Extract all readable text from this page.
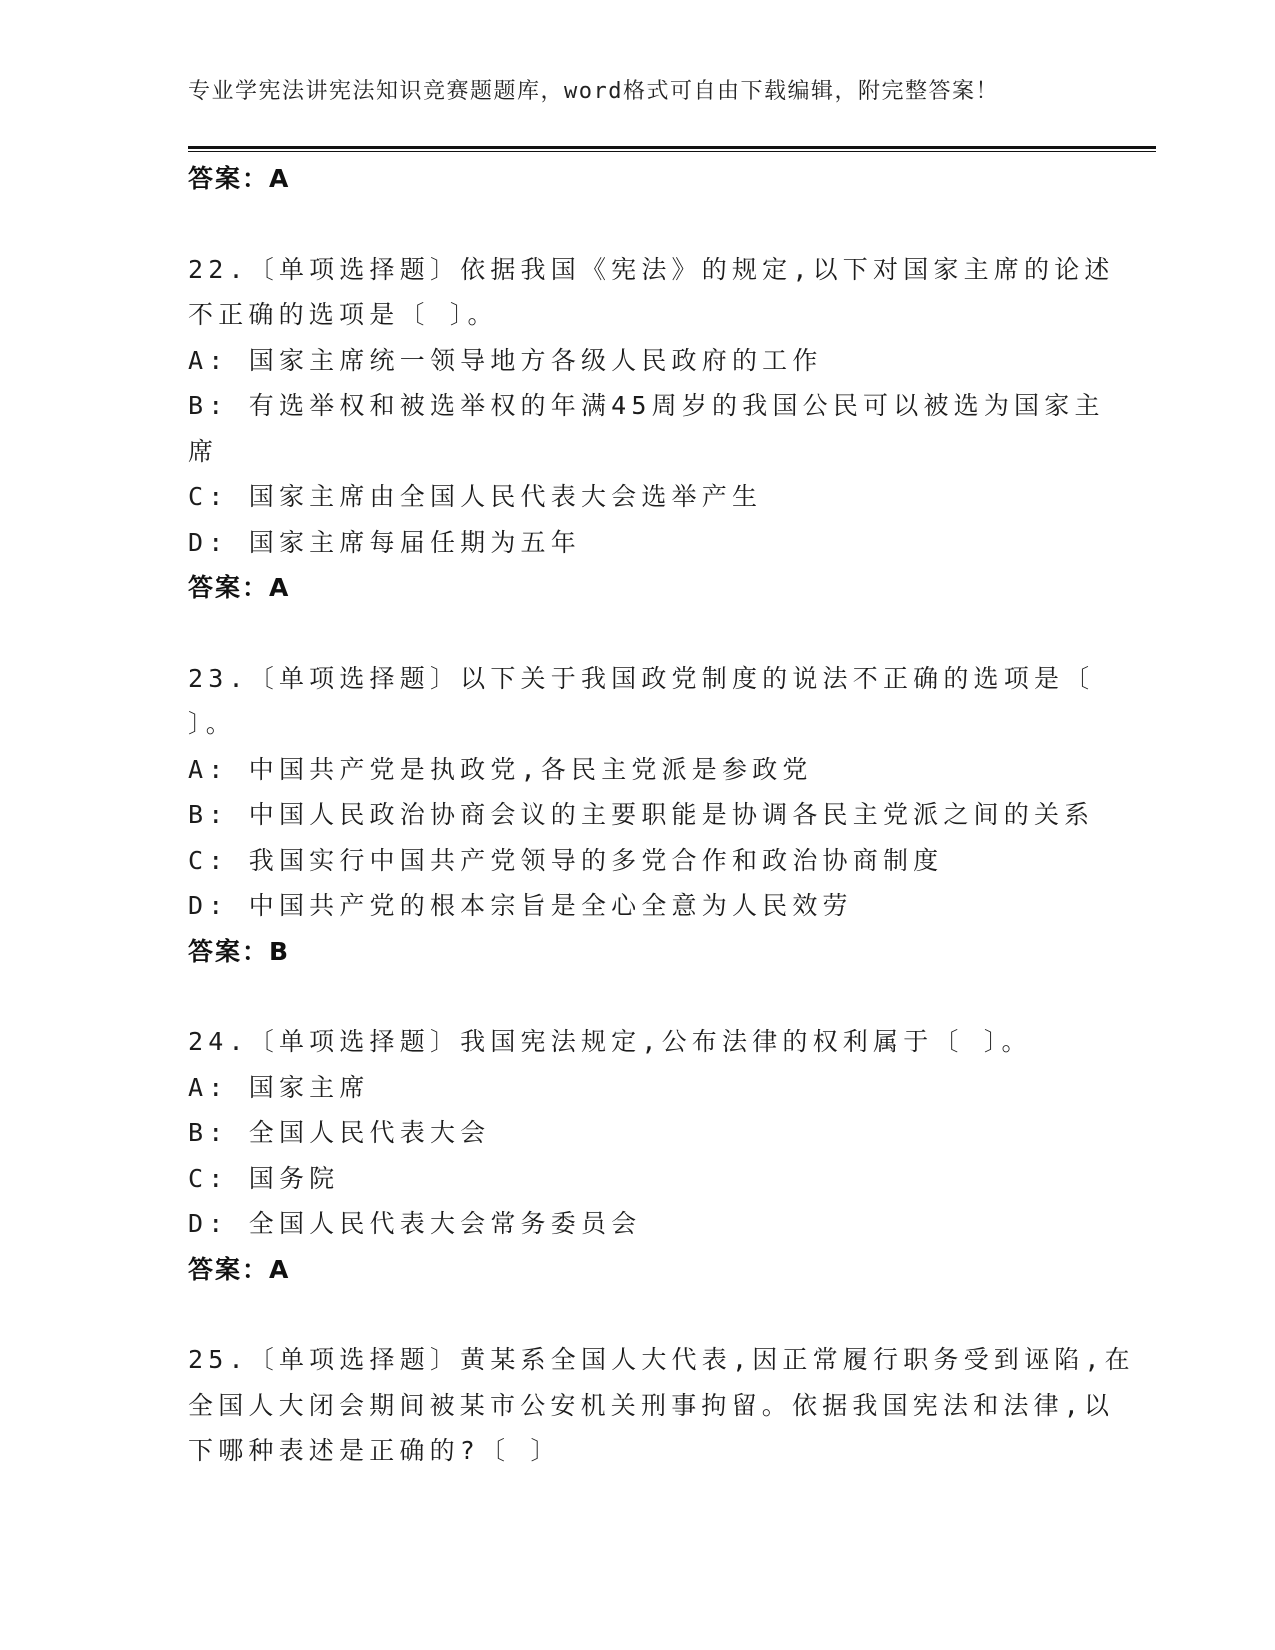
专业学宪法讲宪法知识竞赛题题库，word格式可自由下载编辑，附完整答案！
答案：A
22.〔单项选择题〕依据我国《宪法》的规定,以下对国家主席的论述
不正确的选项是〔 〕。
A: 国家主席统一领导地方各级人民政府的工作
B: 有选举权和被选举权的年满45周岁的我国公民可以被选为国家主
席
C: 国家主席由全国人民代表大会选举产生
D: 国家主席每届任期为五年
答案：A
23.〔单项选择题〕以下关于我国政党制度的说法不正确的选项是〔
〕。
A: 中国共产党是执政党,各民主党派是参政党
B: 中国人民政治协商会议的主要职能是协调各民主党派之间的关系
C: 我国实行中国共产党领导的多党合作和政治协商制度
D: 中国共产党的根本宗旨是全心全意为人民效劳
答案：B
24.〔单项选择题〕我国宪法规定,公布法律的权利属于〔 〕。
A: 国家主席
B: 全国人民代表大会
C: 国务院
D: 全国人民代表大会常务委员会
答案：A
25.〔单项选择题〕黄某系全国人大代表,因正常履行职务受到诬陷,在
全国人大闭会期间被某市公安机关刑事拘留。依据我国宪法和法律,以
下哪种表述是正确的?〔 〕
